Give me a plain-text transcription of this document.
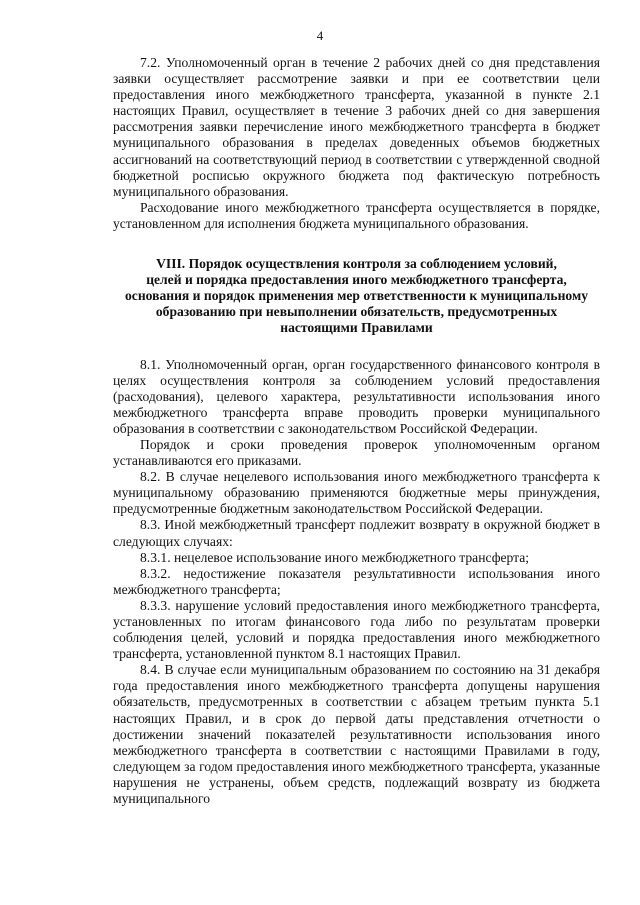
4

7.2. Уполномоченный орган в течение 2 рабочих дней со дня представления заявки осуществляет рассмотрение заявки и при ее соответствии цели предоставления иного межбюджетного трансферта, указанной в пункте 2.1 настоящих Правил, осуществляет в течение 3 рабочих дней со дня завершения рассмотрения заявки перечисление иного межбюджетного трансферта в бюджет муниципального образования в пределах доведенных объемов бюджетных ассигнований на соответствующий период в соответствии с утвержденной сводной бюджетной росписью окружного бюджета под фактическую потребность муниципального образования.

Расходование иного межбюджетного трансферта осуществляется в порядке, установленном для исполнения бюджета муниципального образования.

VIII. Порядок осуществления контроля за соблюдением условий,
целей и порядка предоставления иного межбюджетного трансферта,
основания и порядок применения мер ответственности к муниципальному
образованию при невыполнении обязательств, предусмотренных
настоящими Правилами

8.1. Уполномоченный орган, орган государственного финансового контроля в целях осуществления контроля за соблюдением условий предоставления (расходования), целевого характера, результативности использования иного межбюджетного трансферта вправе проводить проверки муниципального образования в соответствии с законодательством Российской Федерации.

Порядок и сроки проведения проверок уполномоченным органом устанавливаются его приказами.

8.2. В случае нецелевого использования иного межбюджетного трансферта к муниципальному образованию применяются бюджетные меры принуждения, предусмотренные бюджетным законодательством Российской Федерации.

8.3. Иной межбюджетный трансферт подлежит возврату в окружной бюджет в следующих случаях:

8.3.1. нецелевое использование иного межбюджетного трансферта;

8.3.2. недостижение показателя результативности использования иного межбюджетного трансферта;

8.3.3. нарушение условий предоставления иного межбюджетного трансферта, установленных по итогам финансового года либо по результатам проверки соблюдения целей, условий и порядка предоставления иного межбюджетного трансферта, установленной пунктом 8.1 настоящих Правил.

8.4. В случае если муниципальным образованием по состоянию на 31 декабря года предоставления иного межбюджетного трансферта допущены нарушения обязательств, предусмотренных в соответствии с абзацем третьим пункта 5.1 настоящих Правил, и в срок до первой даты представления отчетности о достижении значений показателей результативности использования иного межбюджетного трансферта в соответствии с настоящими Правилами в году, следующем за годом предоставления иного межбюджетного трансферта, указанные нарушения не устранены, объем средств, подлежащий возврату из бюджета муниципального
